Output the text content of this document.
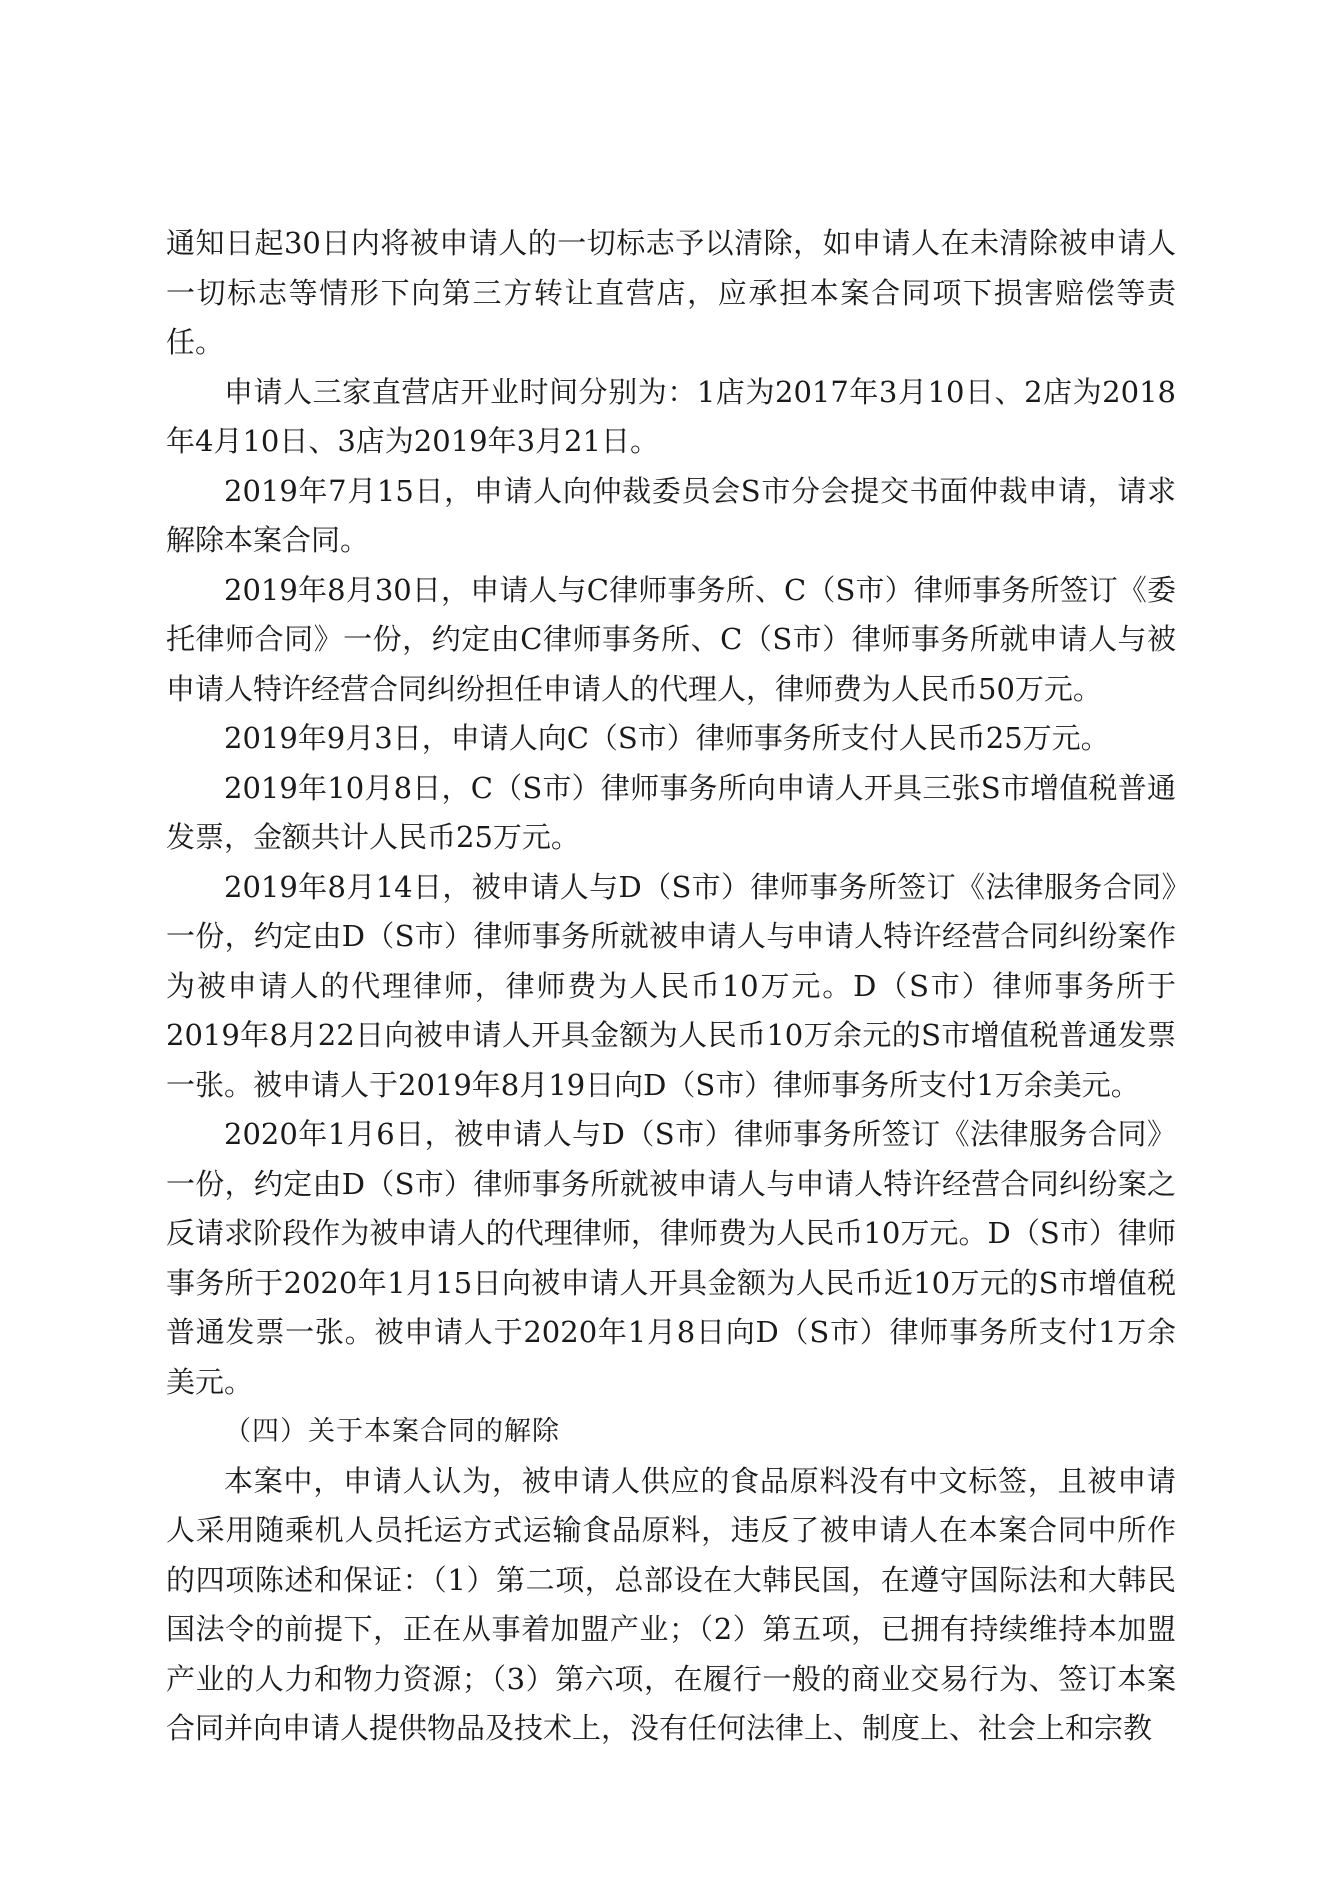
通知日起30日内将被申请人的一切标志予以清除，如申请人在未清除被申请人一切标志等情形下向第三方转让直营店，应承担本案合同项下损害赔偿等责任。

申请人三家直营店开业时间分别为：1店为2017年3月10日、2店为2018年4月10日、3店为2019年3月21日。

2019年7月15日，申请人向仲裁委员会S市分会提交书面仲裁申请，请求解除本案合同。

2019年8月30日，申请人与C律师事务所、C（S市）律师事务所签订《委托律师合同》一份，约定由C律师事务所、C（S市）律师事务所就申请人与被申请人特许经营合同纠纷担任申请人的代理人，律师费为人民币50万元。

2019年9月3日，申请人向C（S市）律师事务所支付人民币25万元。

2019年10月8日，C（S市）律师事务所向申请人开具三张S市增值税普通发票，金额共计人民币25万元。

2019年8月14日，被申请人与D（S市）律师事务所签订《法律服务合同》一份，约定由D（S市）律师事务所就被申请人与申请人特许经营合同纠纷案作为被申请人的代理律师，律师费为人民币10万元。D（S市）律师事务所于2019年8月22日向被申请人开具金额为人民币10万余元的S市增值税普通发票一张。被申请人于2019年8月19日向D（S市）律师事务所支付1万余美元。

2020年1月6日，被申请人与D（S市）律师事务所签订《法律服务合同》一份，约定由D（S市）律师事务所就被申请人与申请人特许经营合同纠纷案之反请求阶段作为被申请人的代理律师，律师费为人民币10万元。D（S市）律师事务所于2020年1月15日向被申请人开具金额为人民币近10万元的S市增值税普通发票一张。被申请人于2020年1月8日向D（S市）律师事务所支付1万余美元。

（四）关于本案合同的解除

本案中，申请人认为，被申请人供应的食品原料没有中文标签，且被申请人采用随乘机人员托运方式运输食品原料，违反了被申请人在本案合同中所作的四项陈述和保证：（1）第二项，总部设在大韩民国，在遵守国际法和大韩民国法令的前提下，正在从事着加盟产业；（2）第五项，已拥有持续维持本加盟产业的人力和物力资源；（3）第六项，在履行一般的商业交易行为、签订本案合同并向申请人提供物品及技术上，没有任何法律上、制度上、社会上和宗教
